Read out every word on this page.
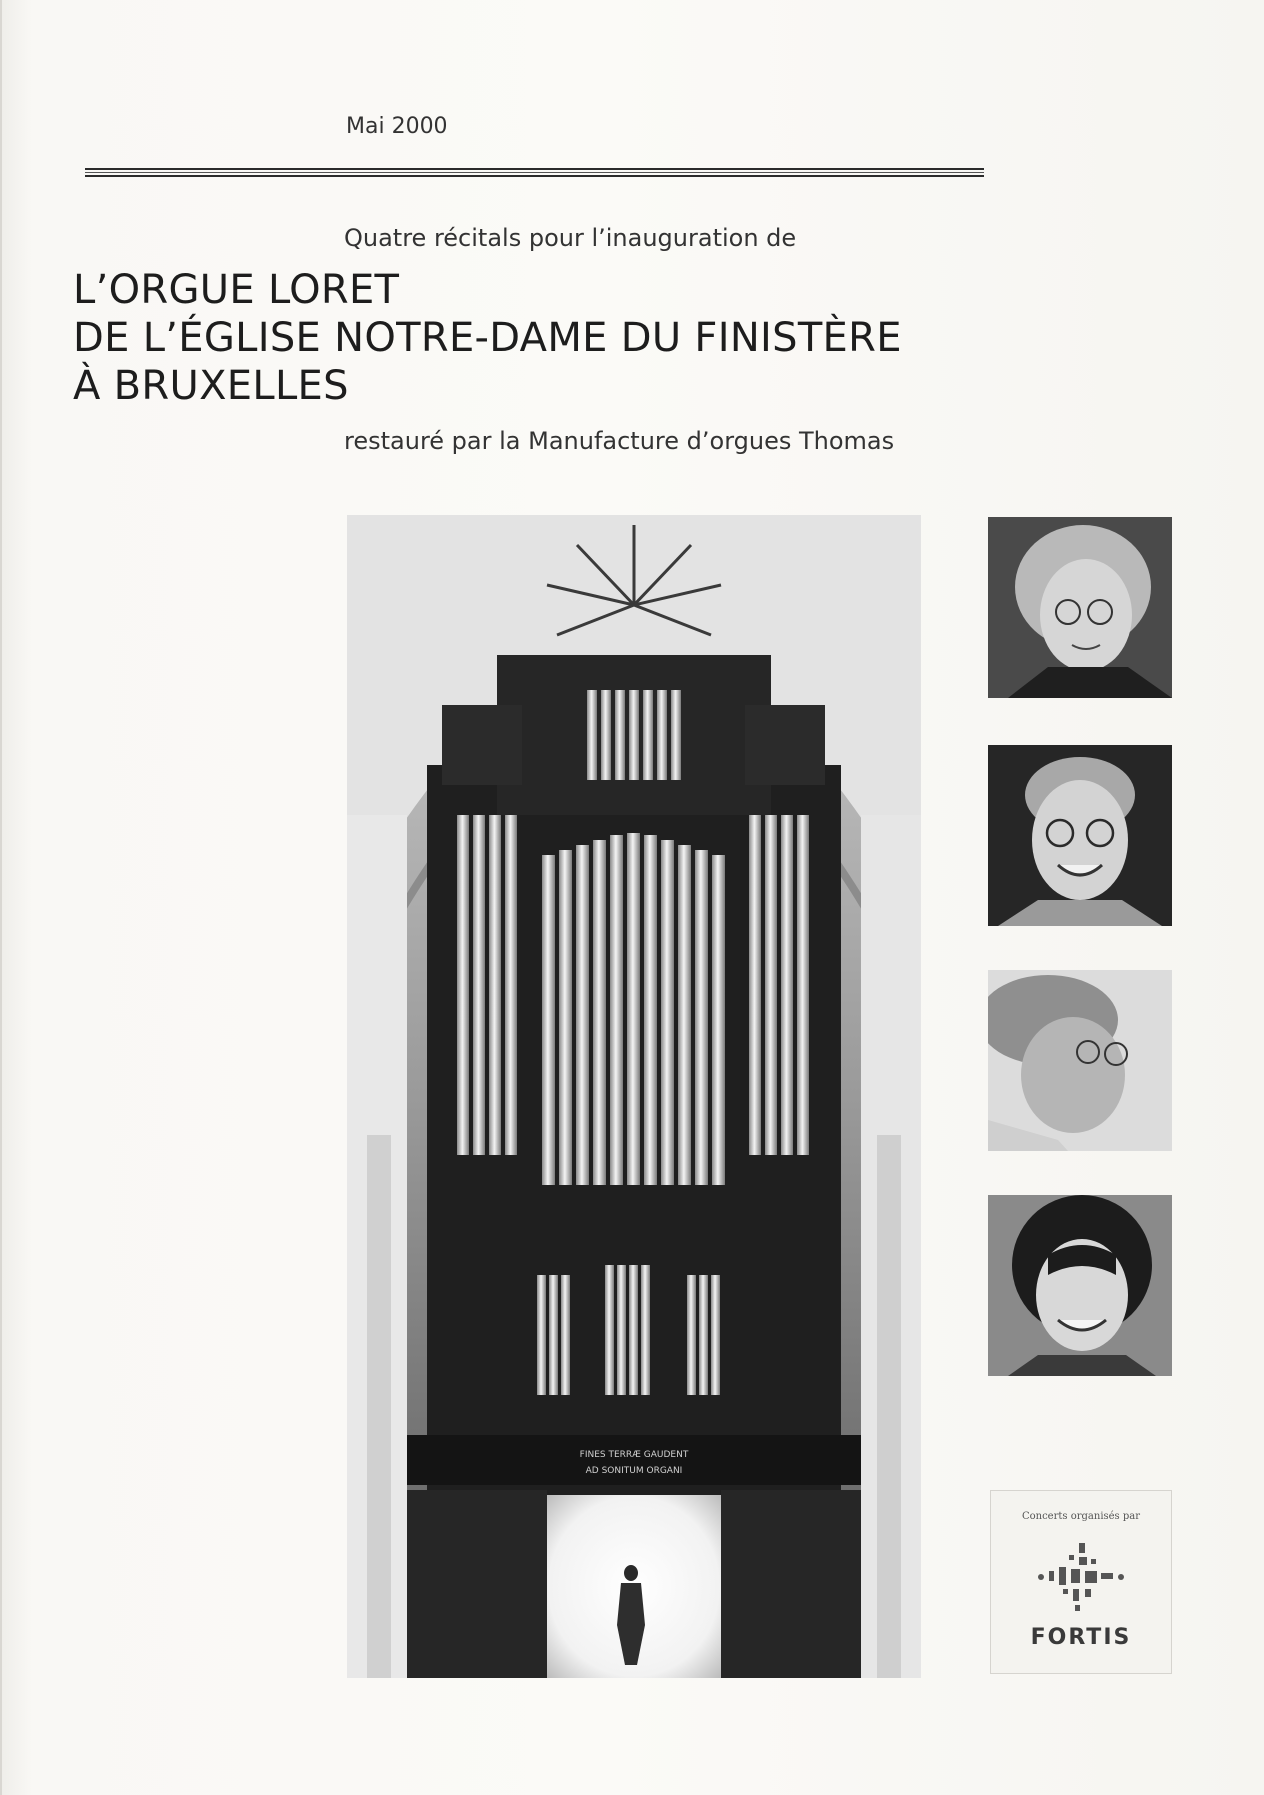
Mai 2000
Quatre récitals pour l’inauguration de
L’ORGUE LORET
DE L’ÉGLISE NOTRE-DAME DU FINISTÈRE
À BRUXELLES
restauré par la Manufacture d’orgues Thomas
FINES TERRÆ GAUDENT
AD SONITUM ORGANI
Concerts organisés par
FORTIS
